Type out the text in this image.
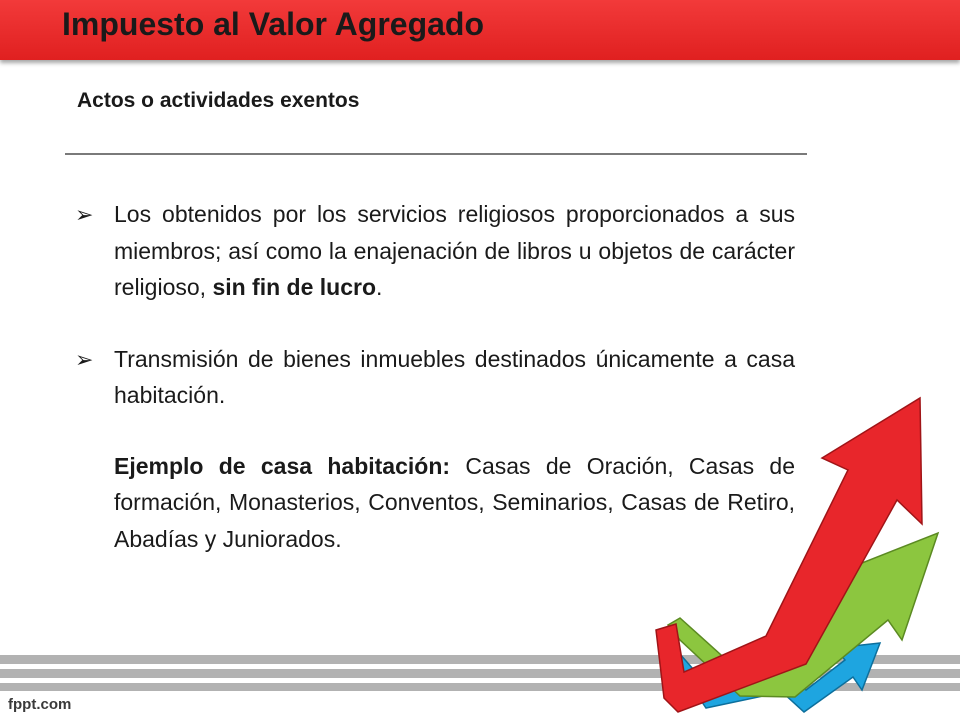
Impuesto al Valor Agregado
Actos o actividades exentos
➢ Los obtenidos por los servicios religiosos proporcionados a sus miembros; así como la enajenación de libros u objetos de carácter religioso, sin fin de lucro.
➢ Transmisión de bienes inmuebles destinados únicamente a casa habitación.
Ejemplo de casa habitación: Casas de Oración, Casas de formación, Monasterios, Conventos, Seminarios, Casas de Retiro, Abadías y Juniorados.
fppt.com
